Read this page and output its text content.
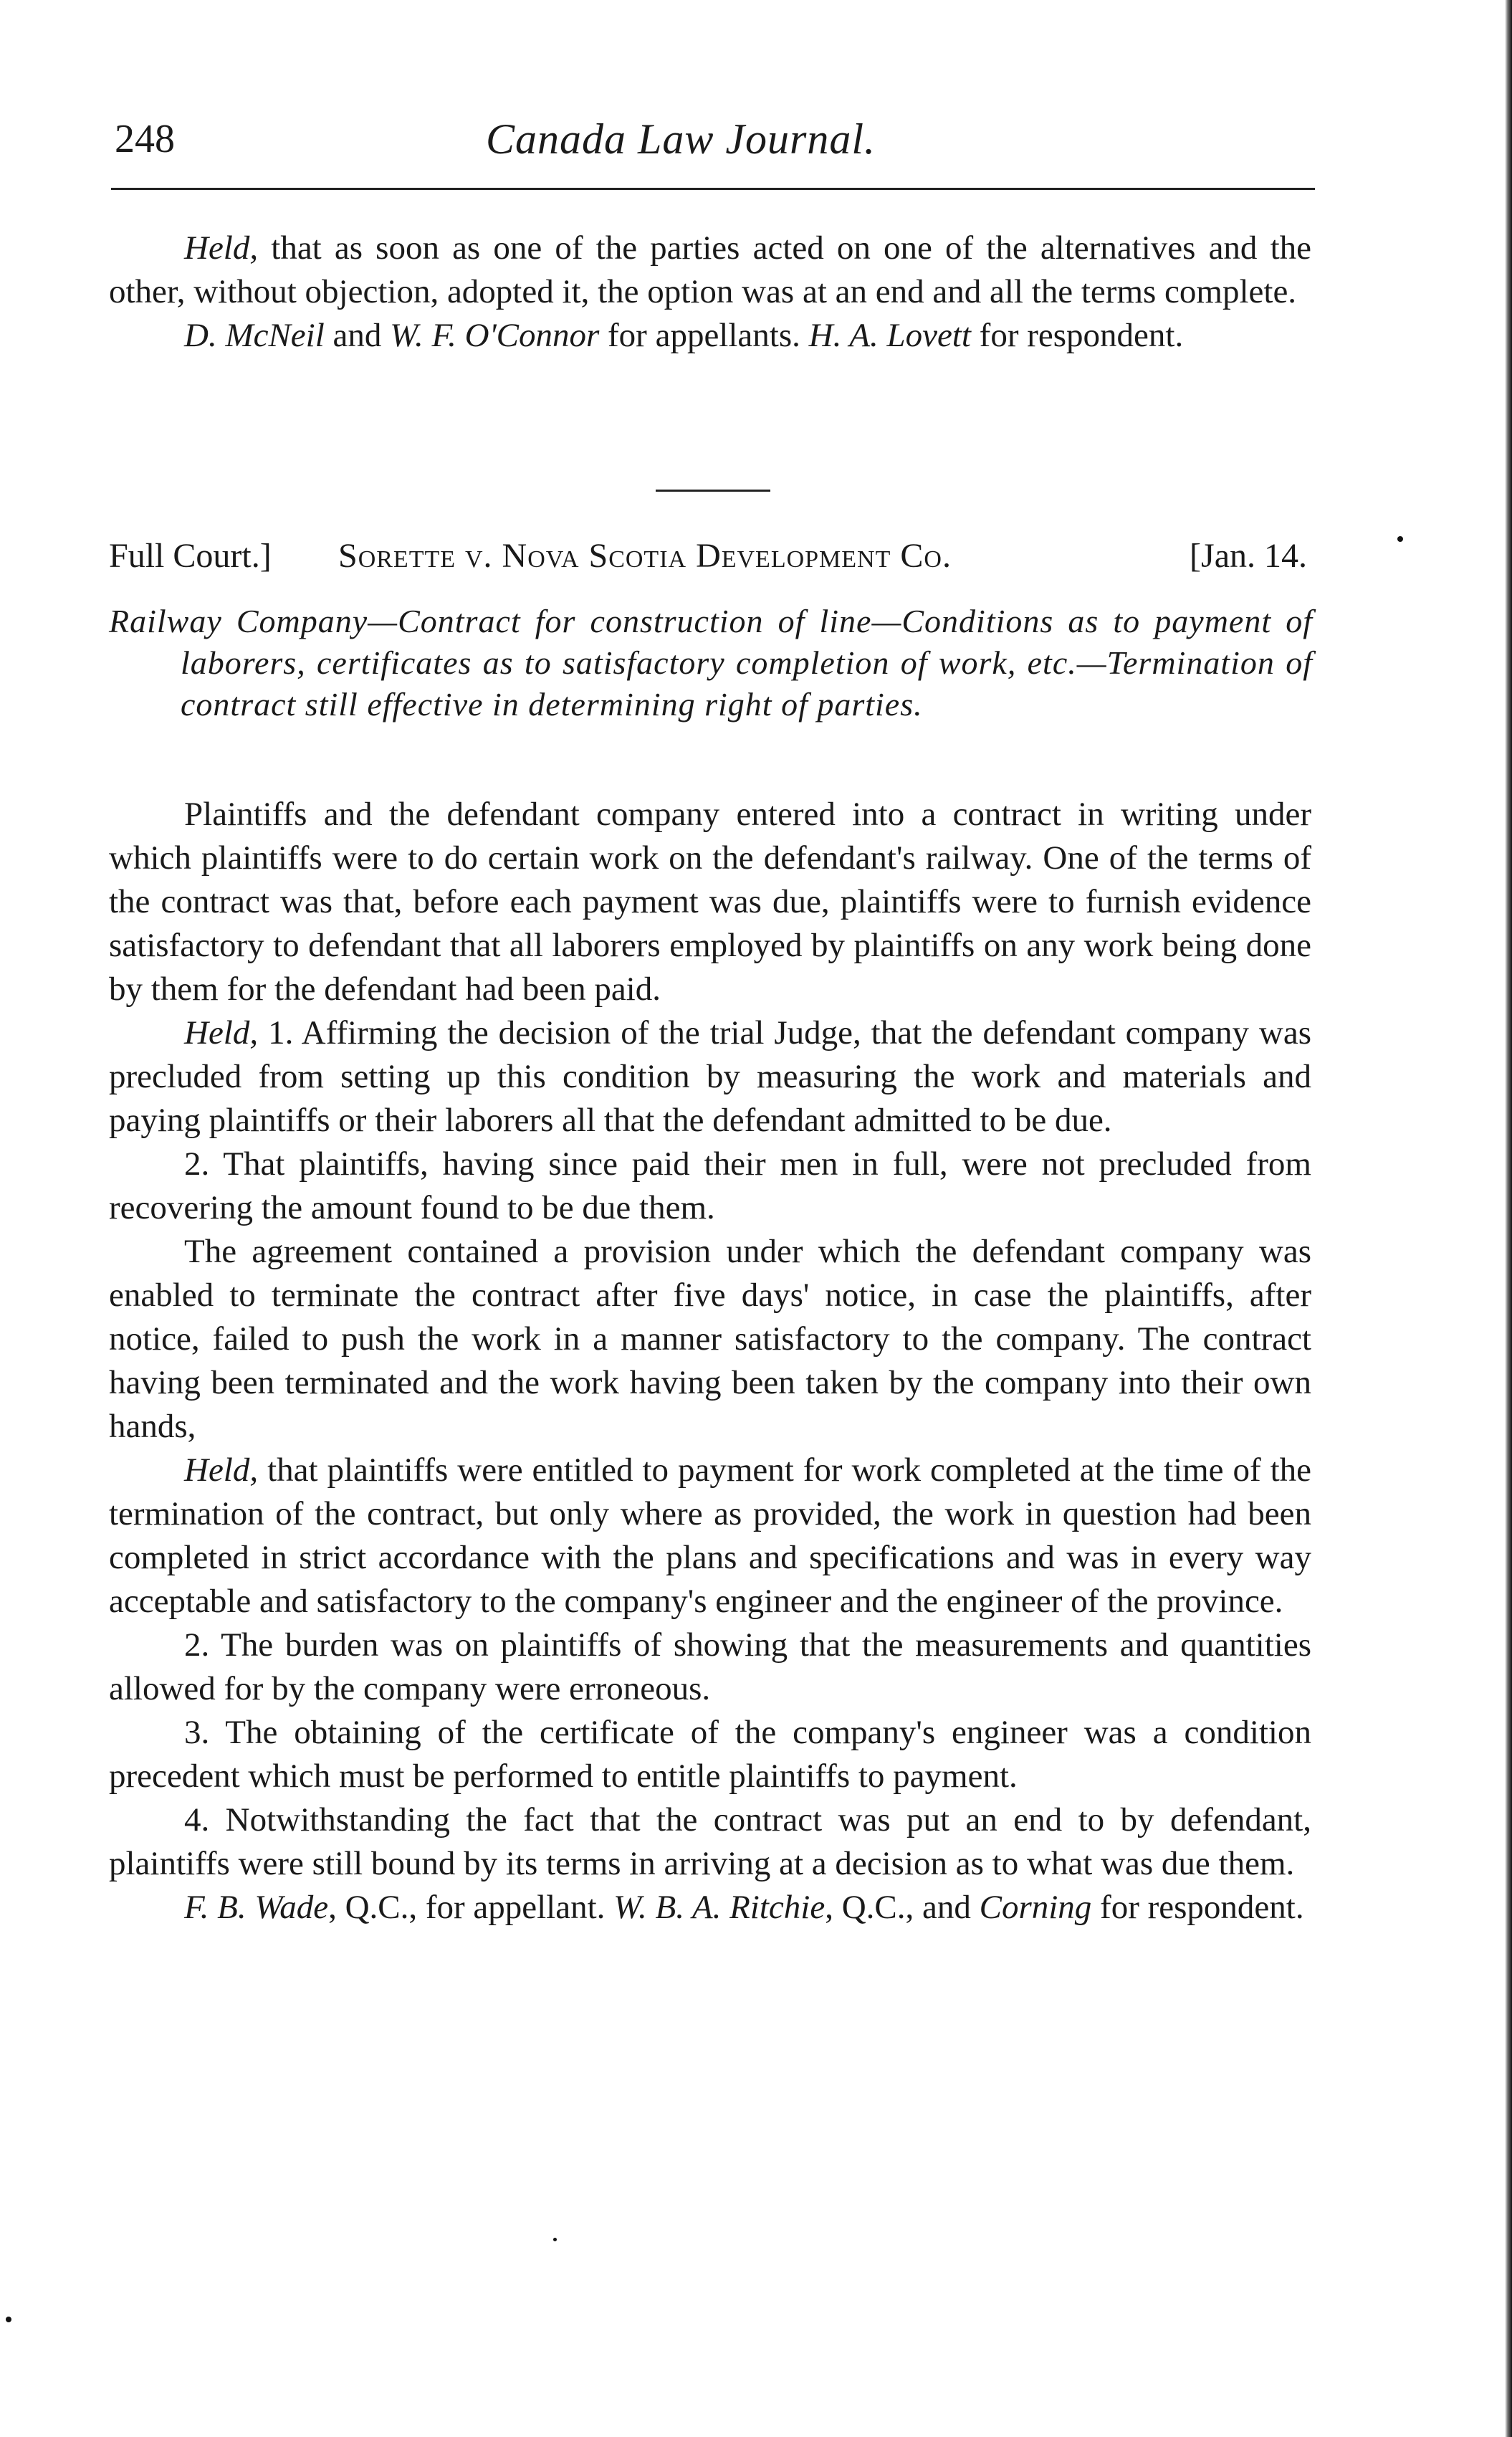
248	Canada Law Journal.

Held, that as soon as one of the parties acted on one of the alternatives and the other, without objection, adopted it, the option was at an end and all the terms complete.

D. McNeil and W. F. O'Connor for appellants. H. A. Lovett for respondent.

Full Court.] Sorette v. Nova Scotia Development Co.	[Jan. 14.
Railway Company—Contract for construction of line—Conditions as to payment of laborers, certificates as to satisfactory completion of work, etc.—Termination of contract still effective in determining right of parties.

Plaintiffs and the defendant company entered into a contract in writing under which plaintiffs were to do certain work on the defendant's railway. One of the terms of the contract was that, before each payment was due, plaintiffs were to furnish evidence satisfactory to defendant that all laborers employed by plaintiffs on any work being done by them for the defendant had been paid.

Held, 1. Affirming the decision of the trial Judge, that the defendant company was precluded from setting up this condition by measuring the work and materials and paying plaintiffs or their laborers all that the defendant admitted to be due.

2. That plaintiffs, having since paid their men in full, were not precluded from recovering the amount found to be due them.

The agreement contained a provision under which the defendant company was enabled to terminate the contract after five days' notice, in case the plaintiffs, after notice, failed to push the work in a manner satisfactory to the company. The contract having been terminated and the work having been taken by the company into their own hands,

Held, that plaintiffs were entitled to payment for work completed at the time of the termination of the contract, but only where as provided, the work in question had been completed in strict accordance with the plans and specifications and was in every way acceptable and satisfactory to the company's engineer and the engineer of the province.

2. The burden was on plaintiffs of showing that the measurements and quantities allowed for by the company were erroneous.

3. The obtaining of the certificate of the company's engineer was a condition precedent which must be performed to entitle plaintiffs to payment.

4. Notwithstanding the fact that the contract was put an end to by defendant, plaintiffs were still bound by its terms in arriving at a decision as to what was due them.

F. B. Wade, Q.C., for appellant. W. B. A. Ritchie, Q.C., and Corning for respondent.
